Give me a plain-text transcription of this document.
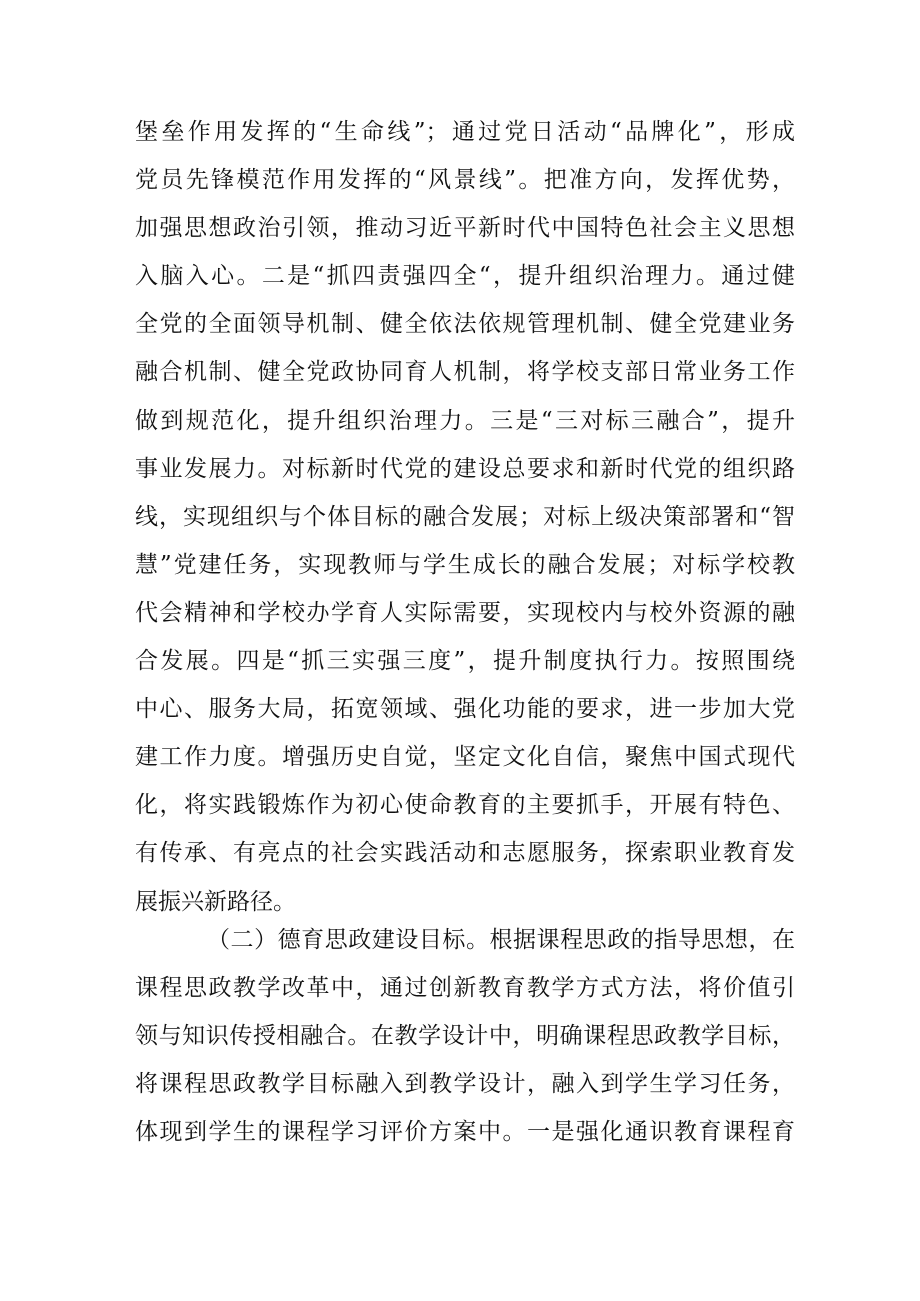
堡垒作用发挥的“生命线”；通过党日活动“品牌化”，形成
党员先锋模范作用发挥的“风景线”。把准方向，发挥优势，
加强思想政治引领，推动习近平新时代中国特色社会主义思想
入脑入心。二是“抓四责强四全“，提升组织治理力。通过健
全党的全面领导机制、健全依法依规管理机制、健全党建业务
融合机制、健全党政协同育人机制，将学校支部日常业务工作
做到规范化，提升组织治理力。三是“三对标三融合”，提升
事业发展力。对标新时代党的建设总要求和新时代党的组织路
线，实现组织与个体目标的融合发展；对标上级决策部署和“智
慧”党建任务，实现教师与学生成长的融合发展；对标学校教
代会精神和学校办学育人实际需要，实现校内与校外资源的融
合发展。四是“抓三实强三度”，提升制度执行力。按照围绕
中心、服务大局，拓宽领域、强化功能的要求，进一步加大党
建工作力度。增强历史自觉，坚定文化自信，聚焦中国式现代
化，将实践锻炼作为初心使命教育的主要抓手，开展有特色、
有传承、有亮点的社会实践活动和志愿服务，探索职业教育发
展振兴新路径。
（二）德育思政建设目标。根据课程思政的指导思想，在
课程思政教学改革中，通过创新教育教学方式方法，将价值引
领与知识传授相融合。在教学设计中，明确课程思政教学目标，
将课程思政教学目标融入到教学设计，融入到学生学习任务，
体现到学生的课程学习评价方案中。一是强化通识教育课程育
